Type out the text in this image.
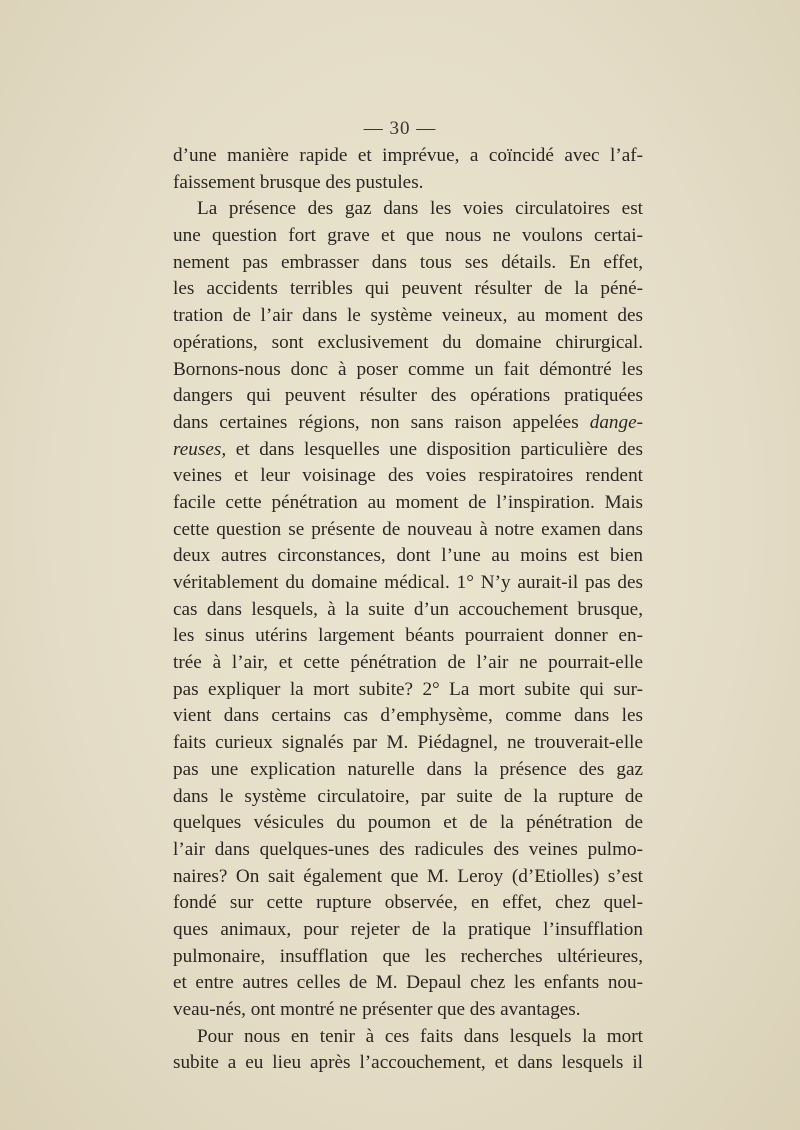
— 30 —
d’une manière rapide et imprévue, a coïncidé avec l’af-
faissement brusque des pustules.
La présence des gaz dans les voies circulatoires est
une question fort grave et que nous ne voulons certai-
nement pas embrasser dans tous ses détails. En effet,
les accidents terribles qui peuvent résulter de la péné-
tration de l’air dans le système veineux, au moment des
opérations, sont exclusivement du domaine chirurgical.
Bornons-nous donc à poser comme un fait démontré les
dangers qui peuvent résulter des opérations pratiquées
dans certaines régions, non sans raison appelées dange-
reuses, et dans lesquelles une disposition particulière des
veines et leur voisinage des voies respiratoires rendent
facile cette pénétration au moment de l’inspiration. Mais
cette question se présente de nouveau à notre examen dans
deux autres circonstances, dont l’une au moins est bien
véritablement du domaine médical. 1° N’y aurait-il pas des
cas dans lesquels, à la suite d’un accouchement brusque,
les sinus utérins largement béants pourraient donner en-
trée à l’air, et cette pénétration de l’air ne pourrait-elle
pas expliquer la mort subite? 2° La mort subite qui sur-
vient dans certains cas d’emphysème, comme dans les
faits curieux signalés par M. Piédagnel, ne trouverait-elle
pas une explication naturelle dans la présence des gaz
dans le système circulatoire, par suite de la rupture de
quelques vésicules du poumon et de la pénétration de
l’air dans quelques-unes des radicules des veines pulmo-
naires? On sait également que M. Leroy (d’Etiolles) s’est
fondé sur cette rupture observée, en effet, chez quel-
ques animaux, pour rejeter de la pratique l’insufflation
pulmonaire, insufflation que les recherches ultérieures,
et entre autres celles de M. Depaul chez les enfants nou-
veau-nés, ont montré ne présenter que des avantages.
Pour nous en tenir à ces faits dans lesquels la mort
subite a eu lieu après l’accouchement, et dans lesquels il
